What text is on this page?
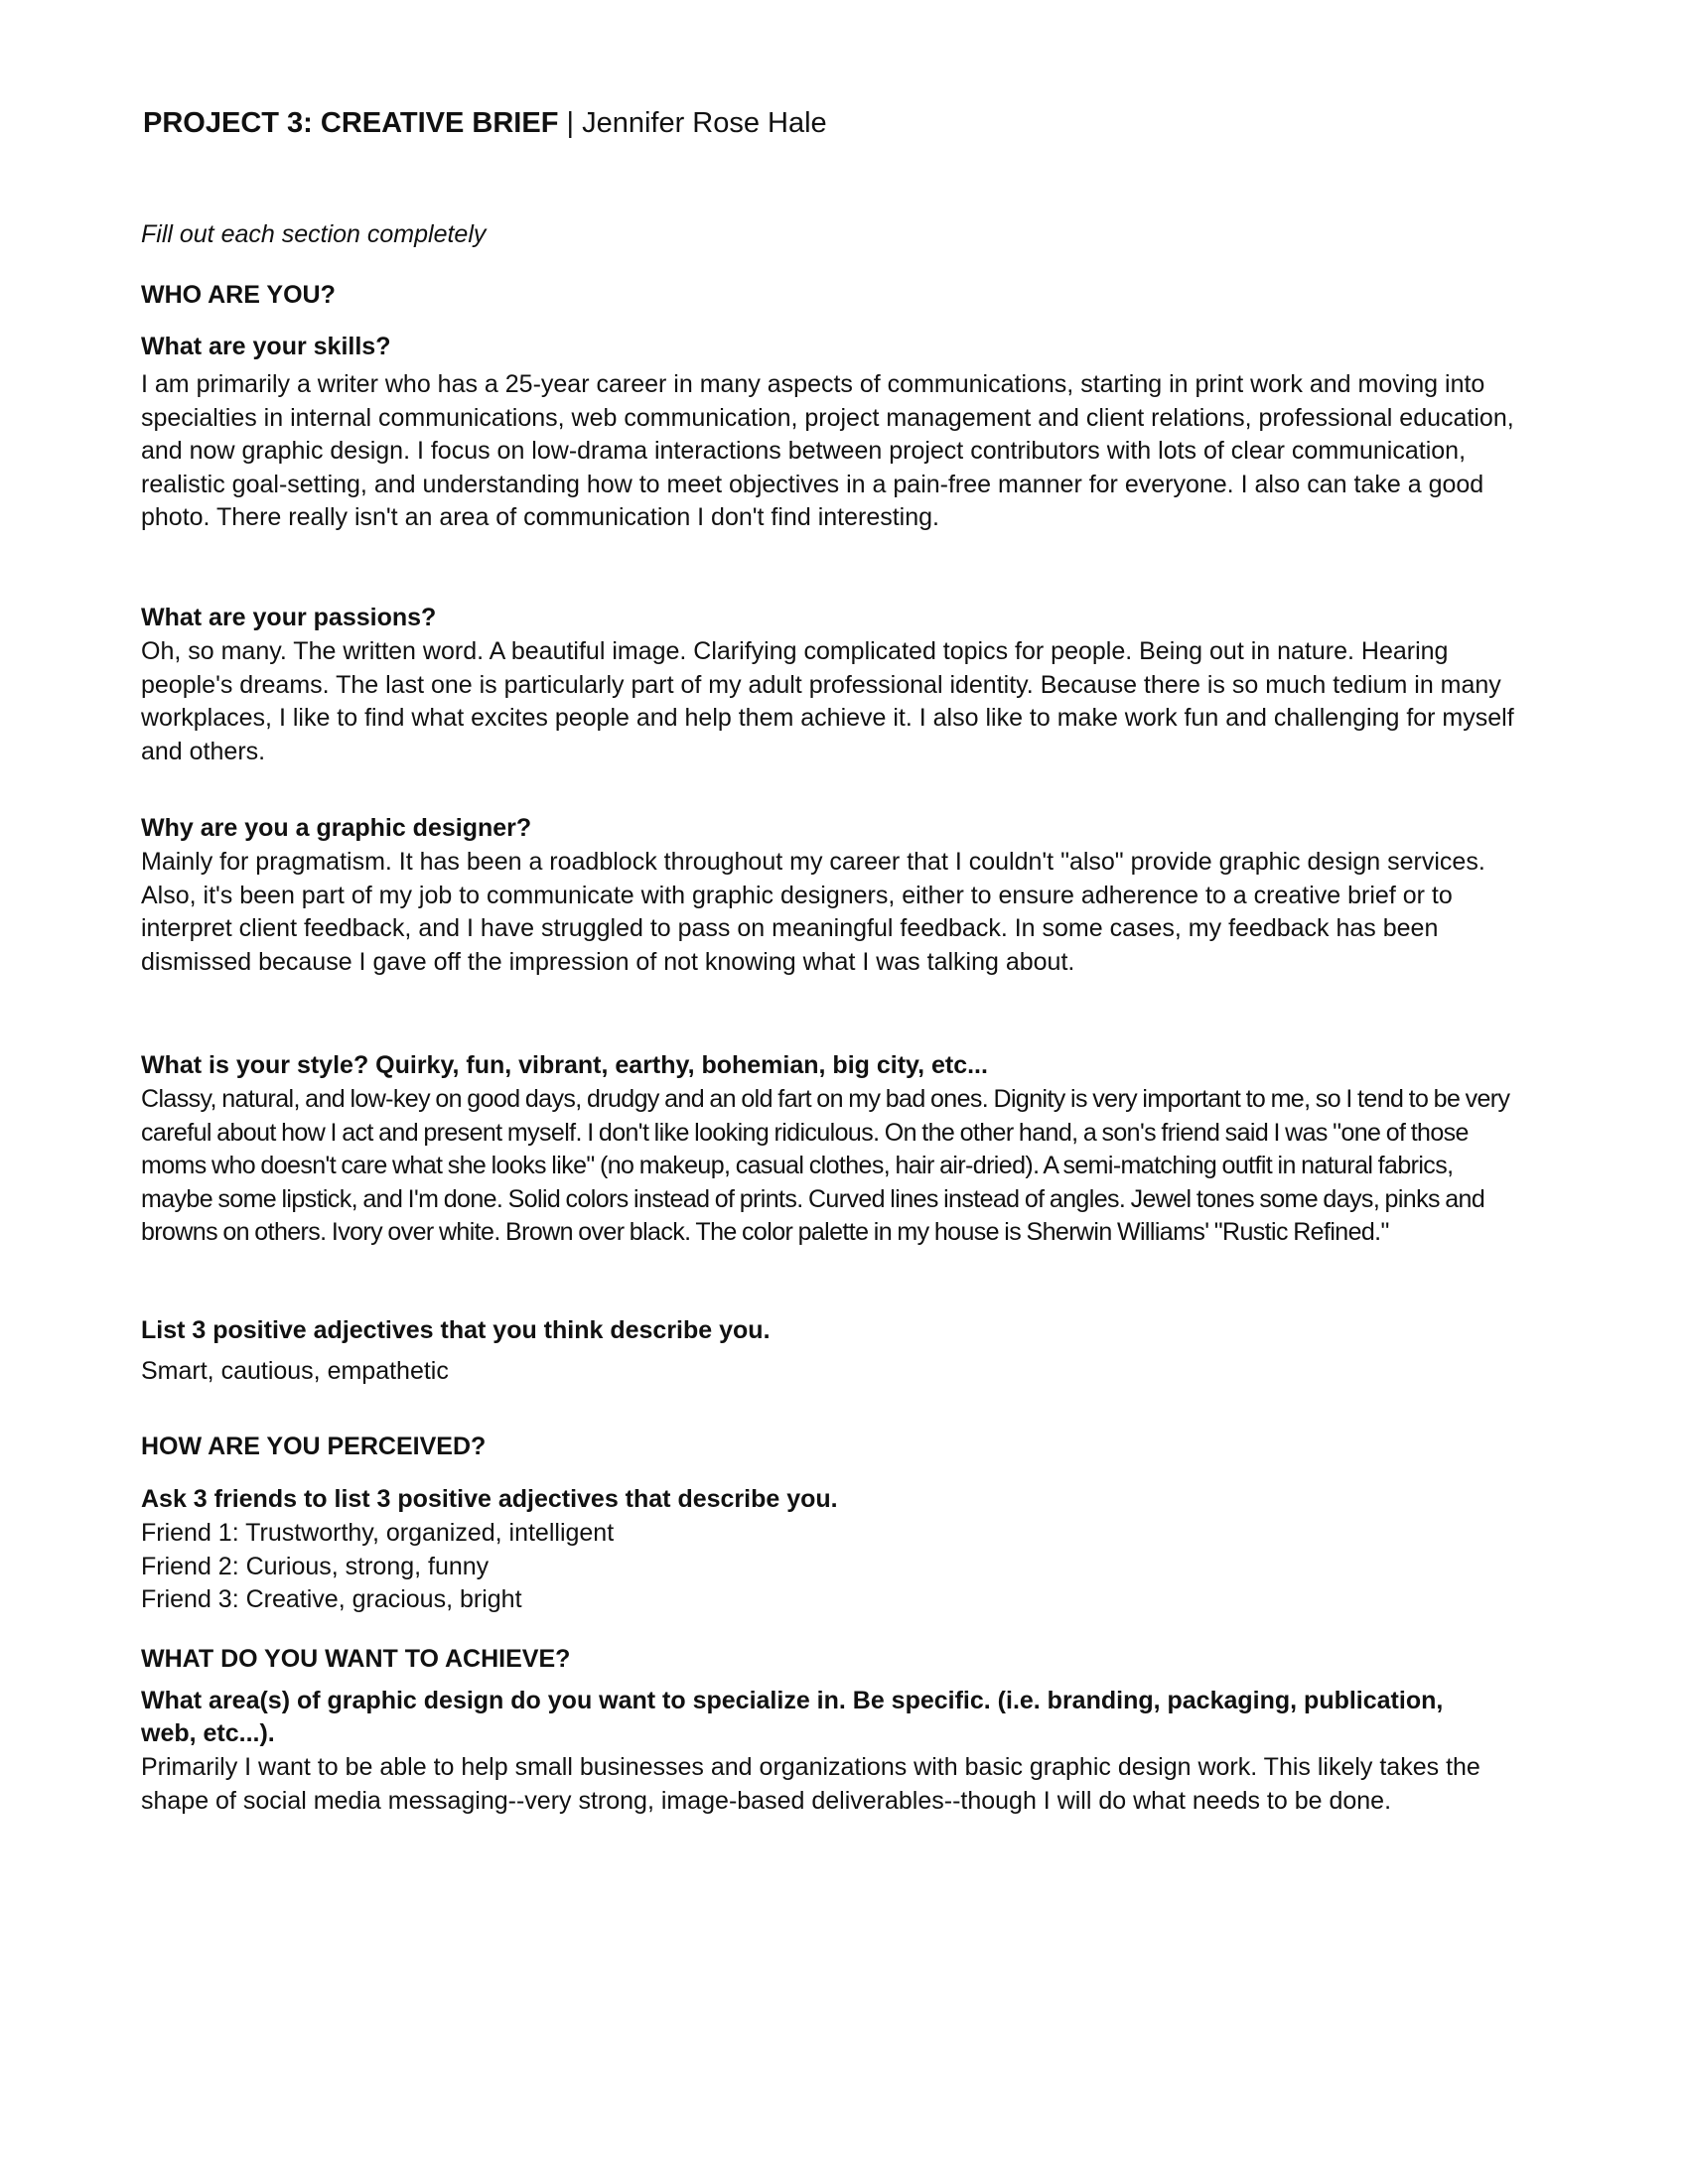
PROJECT 3: CREATIVE BRIEF | Jennifer Rose Hale

Fill out each section completely

WHO ARE YOU?

What are your skills?

I am primarily a writer who has a 25-year career in many aspects of communications, starting in print work and moving into specialties in internal communications, web communication, project management and client relations, professional education, and now graphic design. I focus on low-drama interactions between project contributors with lots of clear communication, realistic goal-setting, and understanding how to meet objectives in a pain-free manner for everyone. I also can take a good photo. There really isn't an area of communication I don't find interesting.

What are your passions?

Oh, so many. The written word. A beautiful image. Clarifying complicated topics for people. Being out in nature. Hearing people's dreams. The last one is particularly part of my adult professional identity. Because there is so much tedium in many workplaces, I like to find what excites people and help them achieve it. I also like to make work fun and challenging for myself and others.

Why are you a graphic designer?

Mainly for pragmatism. It has been a roadblock throughout my career that I couldn't "also" provide graphic design services. Also, it's been part of my job to communicate with graphic designers, either to ensure adherence to a creative brief or to interpret client feedback, and I have struggled to pass on meaningful feedback. In some cases, my feedback has been dismissed because I gave off the impression of not knowing what I was talking about.

What is your style? Quirky, fun, vibrant, earthy, bohemian, big city, etc...

Classy, natural, and low-key on good days, drudgy and an old fart on my bad ones. Dignity is very important to me, so I tend to be very careful about how I act and present myself. I don't like looking ridiculous. On the other hand, a son's friend said I was "one of those moms who doesn't care what she looks like" (no makeup, casual clothes, hair air-dried). A semi-matching outfit in natural fabrics, maybe some lipstick, and I'm done. Solid colors instead of prints. Curved lines instead of angles. Jewel tones some days, pinks and browns on others. Ivory over white. Brown over black. The color palette in my house is Sherwin Williams' "Rustic Refined."

List 3 positive adjectives that you think describe you.

Smart, cautious, empathetic

HOW ARE YOU PERCEIVED?

Ask 3 friends to list 3 positive adjectives that describe you.

Friend 1: Trustworthy, organized, intelligent
Friend 2: Curious, strong, funny
Friend 3: Creative, gracious, bright

WHAT DO YOU WANT TO ACHIEVE?

What area(s) of graphic design do you want to specialize in. Be specific. (i.e. branding, packaging, publication, web, etc...).

Primarily I want to be able to help small businesses and organizations with basic graphic design work. This likely takes the shape of social media messaging--very strong, image-based deliverables--though I will do what needs to be done.
